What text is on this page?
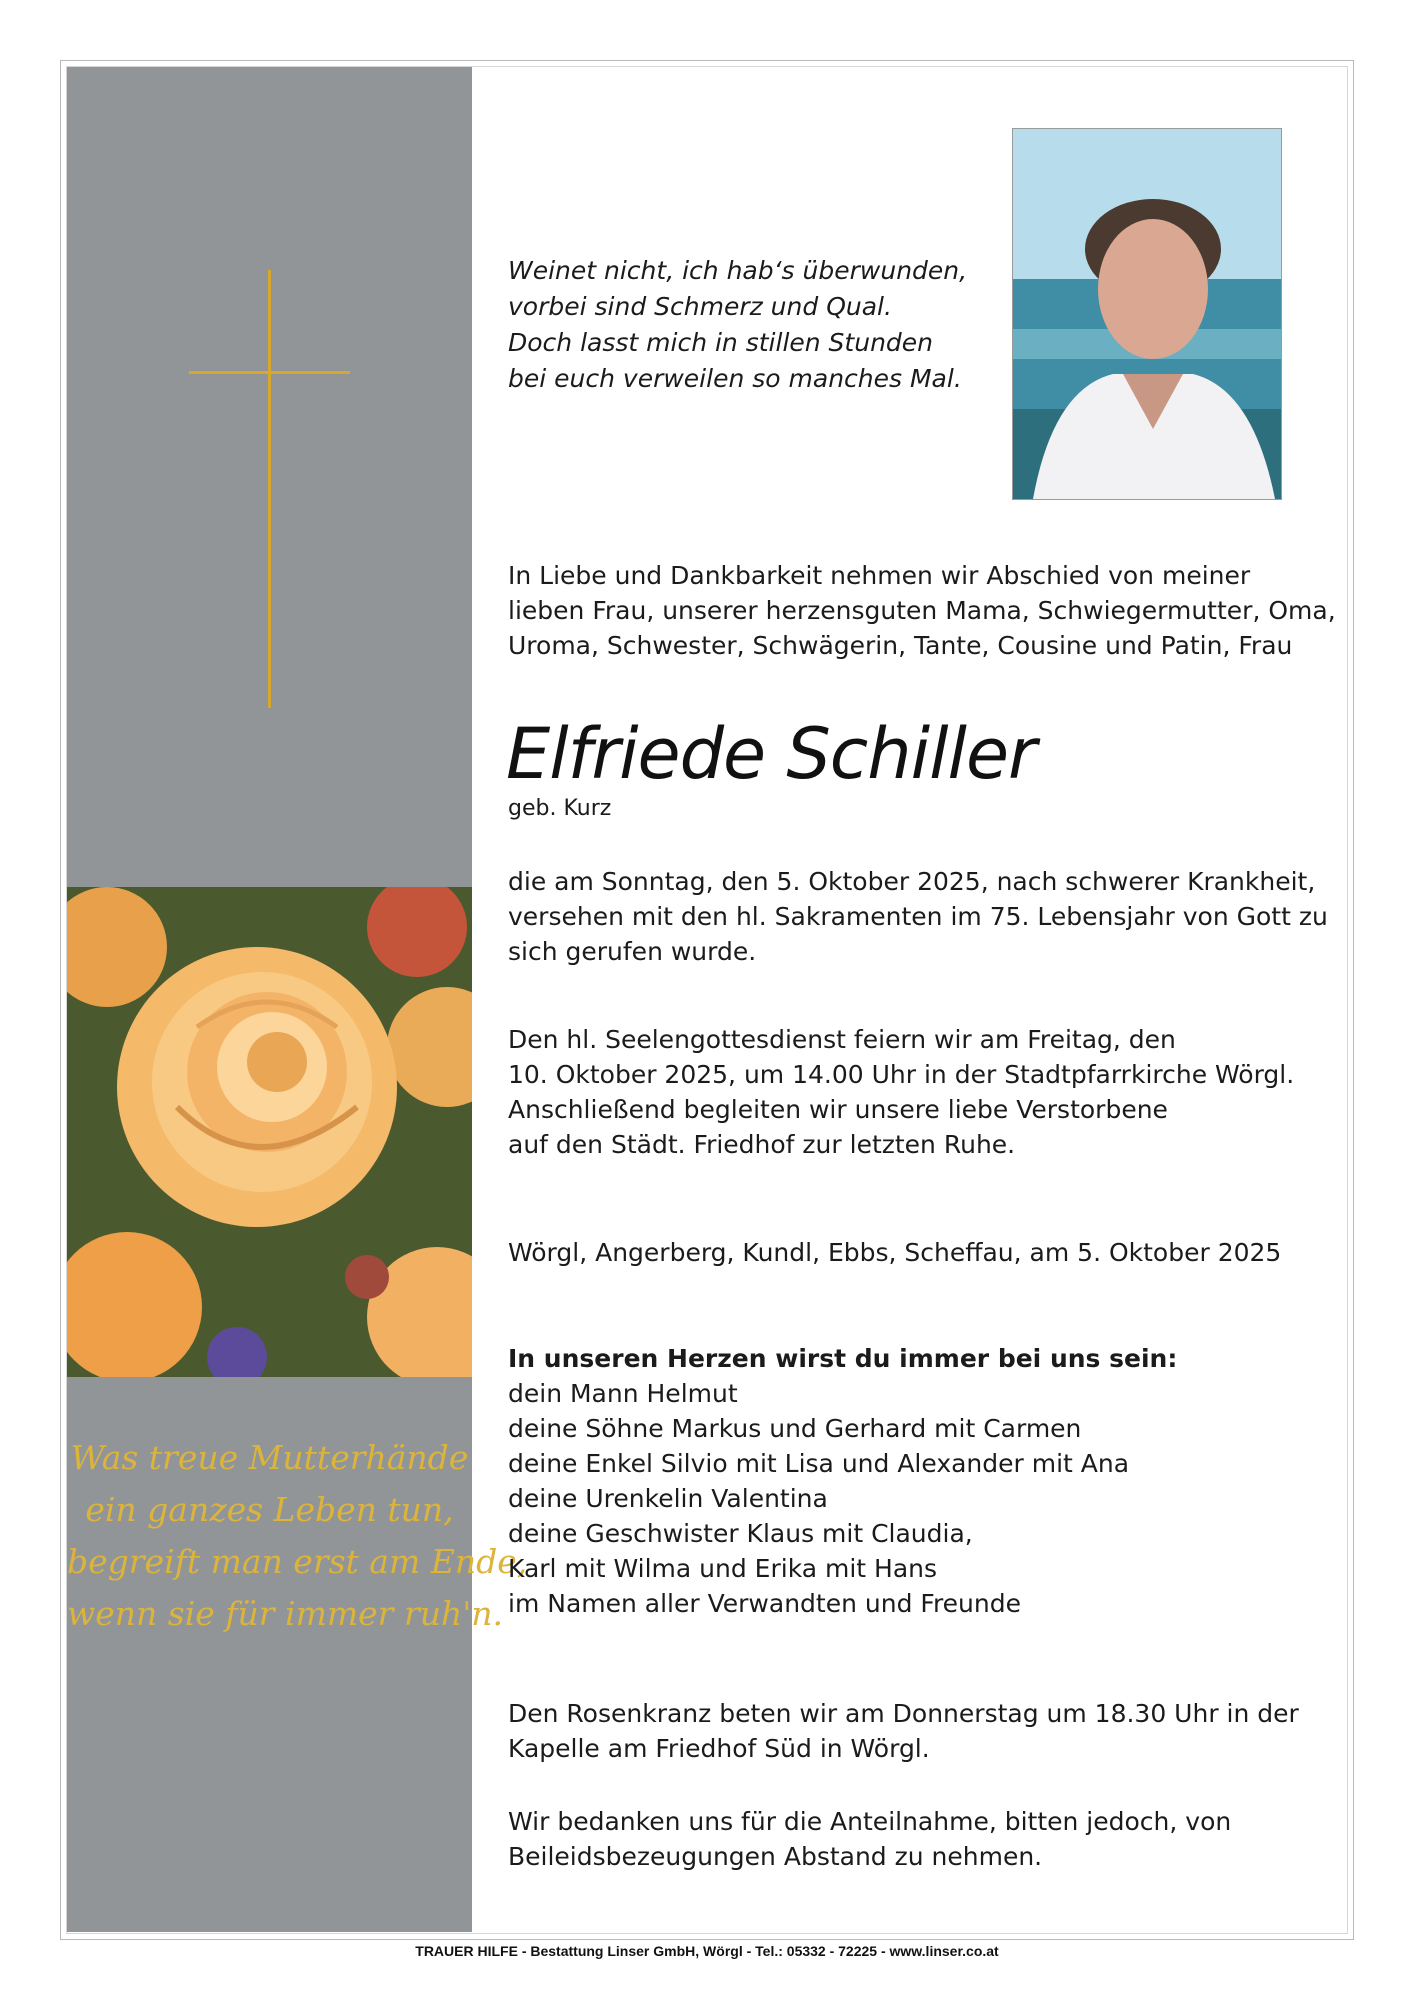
Was treue Mutterhände
ein ganzes Leben tun,
begreift man erst am Ende,
wenn sie für immer ruh'n.
Weinet nicht, ich hab‘s überwunden,
vorbei sind Schmerz und Qual.
Doch lasst mich in stillen Stunden
bei euch verweilen so manches Mal.
In Liebe und Dankbarkeit nehmen wir Abschied von meiner
lieben Frau, unserer herzensguten Mama, Schwiegermutter, Oma,
Uroma, Schwester, Schwägerin, Tante, Cousine und Patin, Frau
Elfriede Schiller
geb. Kurz
die am Sonntag, den 5. Oktober 2025, nach schwerer Krankheit,
versehen mit den hl. Sakramenten im 75. Lebensjahr von Gott zu
sich gerufen wurde.
Den hl. Seelengottesdienst feiern wir am Freitag, den
10. Oktober 2025, um 14.00 Uhr in der Stadtpfarrkirche Wörgl.
Anschließend begleiten wir unsere liebe Verstorbene
auf den Städt. Friedhof zur letzten Ruhe.
Wörgl, Angerberg, Kundl, Ebbs, Scheffau, am 5. Oktober 2025
In unseren Herzen wirst du immer bei uns sein:
dein Mann Helmut
deine Söhne Markus und Gerhard mit Carmen
deine Enkel Silvio mit Lisa und Alexander mit Ana
deine Urenkelin Valentina
deine Geschwister Klaus mit Claudia,
Karl mit Wilma und Erika mit Hans
im Namen aller Verwandten und Freunde
Den Rosenkranz beten wir am Donnerstag um 18.30 Uhr in der
Kapelle am Friedhof Süd in Wörgl.
Wir bedanken uns für die Anteilnahme, bitten jedoch, von
Beileidsbezeugungen Abstand zu nehmen.
TRAUER HILFE - Bestattung Linser GmbH, Wörgl - Tel.: 05332 - 72225 - www.linser.co.at
